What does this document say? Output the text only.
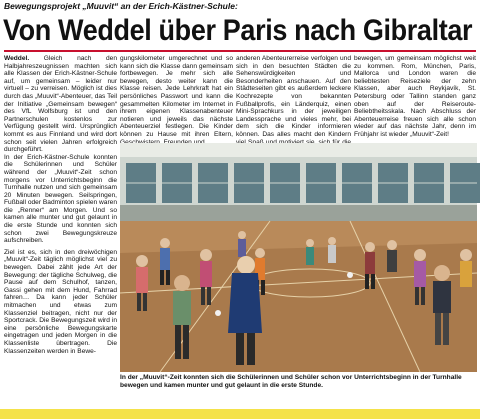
Bewegungsprojekt „Muuvit“ an der Erich-Kästner-Schule:
Von Weddel über Paris nach Gibraltar

Weddel. Gleich nach den Halbjahreszeugnissen machten sich alle Klassen der Erich-Kästner-Schule auf, um gemeinsam – leider nur virtuell – zu verreisen. Möglich ist dies durch das „Muuvit“-Abenteuer, das Teil der Initiative „Gemeinsam bewegen“ des VfL Wolfsburg ist und den Partnerschulen kostenlos zur Verfügung gestellt wird. Ursprünglich kommt es aus Finnland und wird dort schon seit vielen Jahren erfolgreich durchgeführt.

In der Erich-Kästner-Schule konnten die Schülerinnen und Schüler während der „Muuvit“-Zeit schon morgens vor Unterrichtsbeginn die Turnhalle nutzen und sich gemeinsam 20 Minuten bewegen. Seilspringen, Fußball oder Badminton spielen waren die „Renner“ am Morgen. Und so kamen alle munter und gut gelaunt in die erste Stunde und konnten sich schon zwei Bewegungskreuze aufschreiben.

Ziel ist es, sich in den dreiwöchigen „Muuvit“-Zeit täglich möglichst viel zu bewegen. Dabei zählt jede Art der Bewegung: der tägliche Schulweg, die Pause auf dem Schulhof, tanzen, Gassi gehen mit dem Hund, Fahrrad fahren… Da kann jeder Schüler mitmachen und etwas zum Klassenziel beitragen, nicht nur der Sportcrack. Die Bewegungszeit wird in eine persönliche Bewegungskarte eingetragen und jeden Morgen in die Klassenliste übertragen. Die Klassenzeiten werden in Bewe-

gungskilometer umgerechnet und so kann sich die Klasse dann gemeinsam fortbewegen. Je mehr sich alle bewegen, desto weiter kann die Klasse reisen. Jede Lehrkraft hat ein persönliches Passwort und kann die gesammelten Kilometer im Internet in ihrem eigenen Klassenabenteuer notieren und jeweils das nächste Abenteuerziel festlegen. Die Kinder können zu Hause mit ihren Eltern,

anderen Abenteurerreise verfolgen und sich in den besuchten Städten die Sehenswürdigkeiten und Besonderheiten anschauen. Auf den Städteseiten gibt es außerdem leckere Kochrezepte von bekannten Fußballprofis, ein Länderquiz, einen Mini-Sprachkurs in der jeweiligen Landessprache und vieles mehr, bei dem sich die Kinder informieren können. Das alles macht den Kindern

bewegen, um gemeinsam möglichst weit zu kommen. Rom, München, Paris, Mallorca und London waren die beliebtesten Reiseziele der zehn Klassen, aber auch Reykjavík, St. Petersburg oder Tallinn standen ganz oben auf der Reiseroute-Beliebtheitsskala. Nach Abschluss der Abenteuerreise freuen sich alle schon wieder auf das nächste Jahr, denn im Frühjahr ist wieder „Muuvit“-Zeit!

In der „Muuvit“-Zeit konnten sich die Schülerinnen und Schüler schon vor Unterrichtsbeginn in der Turnhalle bewegen und kamen munter und gut gelaunt in die erste Stunde.
